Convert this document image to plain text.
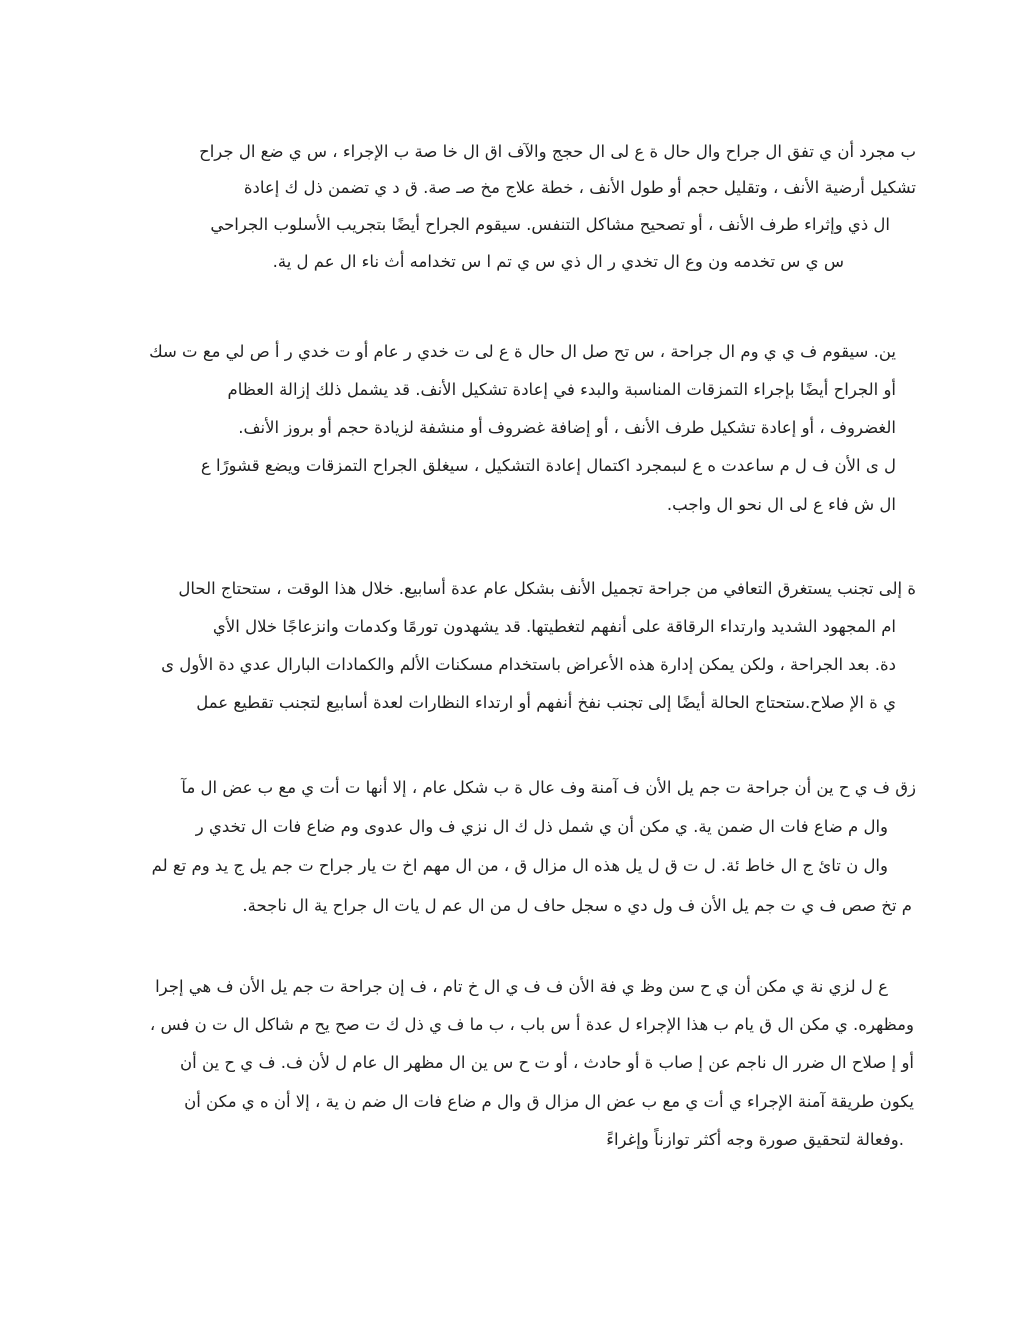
ب مجرد أن ي تفق ال جراح وال حال ة ع لى ال حجج والآف اق ال خا صة ب الإجراء ، س ي ضع ال جراح
تشكيل أرضية الأنف ، وتقليل حجم أو طول الأنف ، خطة علاج مخ صـ صة. ق د ي تضمن ذل ك إعادة
ال ذي وإثراء طرف الأنف ، أو تصحيح مشاكل التنفس. سيقوم الجراح أيضًا بتجريب الأسلوب الجراحي
س ي س تخدمه ون وع ال تخدي ر ال ذي س ي تم ا س تخدامه أث ناء ال عم ل ية.
ين. سيقوم ف ي ي وم ال جراحة ، س تح صل ال حال ة ع لى ت خدي ر عام أو ت خدي ر أ ص لي مع ت سك
أو الجراح أيضًا بإجراء التمزقات المناسبة والبدء في إعادة تشكيل الأنف. قد يشمل ذلك إزالة العظام
الغضروف ، أو إعادة تشكيل طرف الأنف ، أو إضافة غضروف أو منشفة لزيادة حجم أو بروز الأنف.
ل ى الأن ف ل م ساعدت ه ع لىبمجرد اكتمال إعادة التشكيل ، سيغلق الجراح التمزقات ويضع قشورًا ع
ال ش فاء ع لى ال نحو ال واجب.
ة إلى تجنب يستغرق التعافي من جراحة تجميل الأنف بشكل عام عدة أسابيع. خلال هذا الوقت ، ستحتاج الحال
ام المجهود الشديد وارتداء الرقاقة على أنفهم لتغطيتها. قد يشهدون تورمًا وكدمات وانزعاجًا خلال الأي
دة. بعد الجراحة ، ولكن يمكن إدارة هذه الأعراض باستخدام مسكنات الألم والكمادات البارال عدي دة الأول ى
ي ة الإ صلاح.ستحتاج الحالة أيضًا إلى تجنب نفخ أنفهم أو ارتداء النظارات لعدة أسابيع لتجنب تقطيع عمل
زق ف ي ح ين أن جراحة ت جم يل الأن ف آمنة وف عال ة ب شكل عام ، إلا أنها ت أت ي مع ب عض ال مآ
وال م ضاع فات ال ضمن ية. ي مكن أن ي شمل ذل ك ال نزي ف وال عدوى وم ضاع فات ال تخدي ر
وال ن تائ ج ال خاط ئة. ل ت ق ل يل هذه ال مزال ق ، من ال مهم اخ ت يار جراح ت جم يل ج يد وم تع لم
م تخ صص ف ي ت جم يل الأن ف ول دي ه سجل حاف ل من ال عم ل يات ال جراح ية ال ناجحة.
ع ل لزي نة ي مكن أن ي ح سن وظ ي فة الأن ف ف ي ال خ تام ، ف إن جراحة ت جم يل الأن ف هي إجرا
ومظهره. ي مكن ال ق يام ب هذا الإجراء ل عدة أ س باب ، ب ما ف ي ذل ك ت صح يح م شاكل ال ت ن فس ،
أو إ صلاح ال ضرر ال ناجم عن إ صاب ة أو حادث ، أو ت ح س ين ال مظهر ال عام ل لأن ف. ف ي ح ين أن
يكون طريقة آمنة الإجراء ي أت ي مع ب عض ال مزال ق وال م ضاع فات ال ضم ن ية ، إلا أن ه ي مكن أن
.وفعالة لتحقيق صورة وجه أكثر توازناً وإغراءً
